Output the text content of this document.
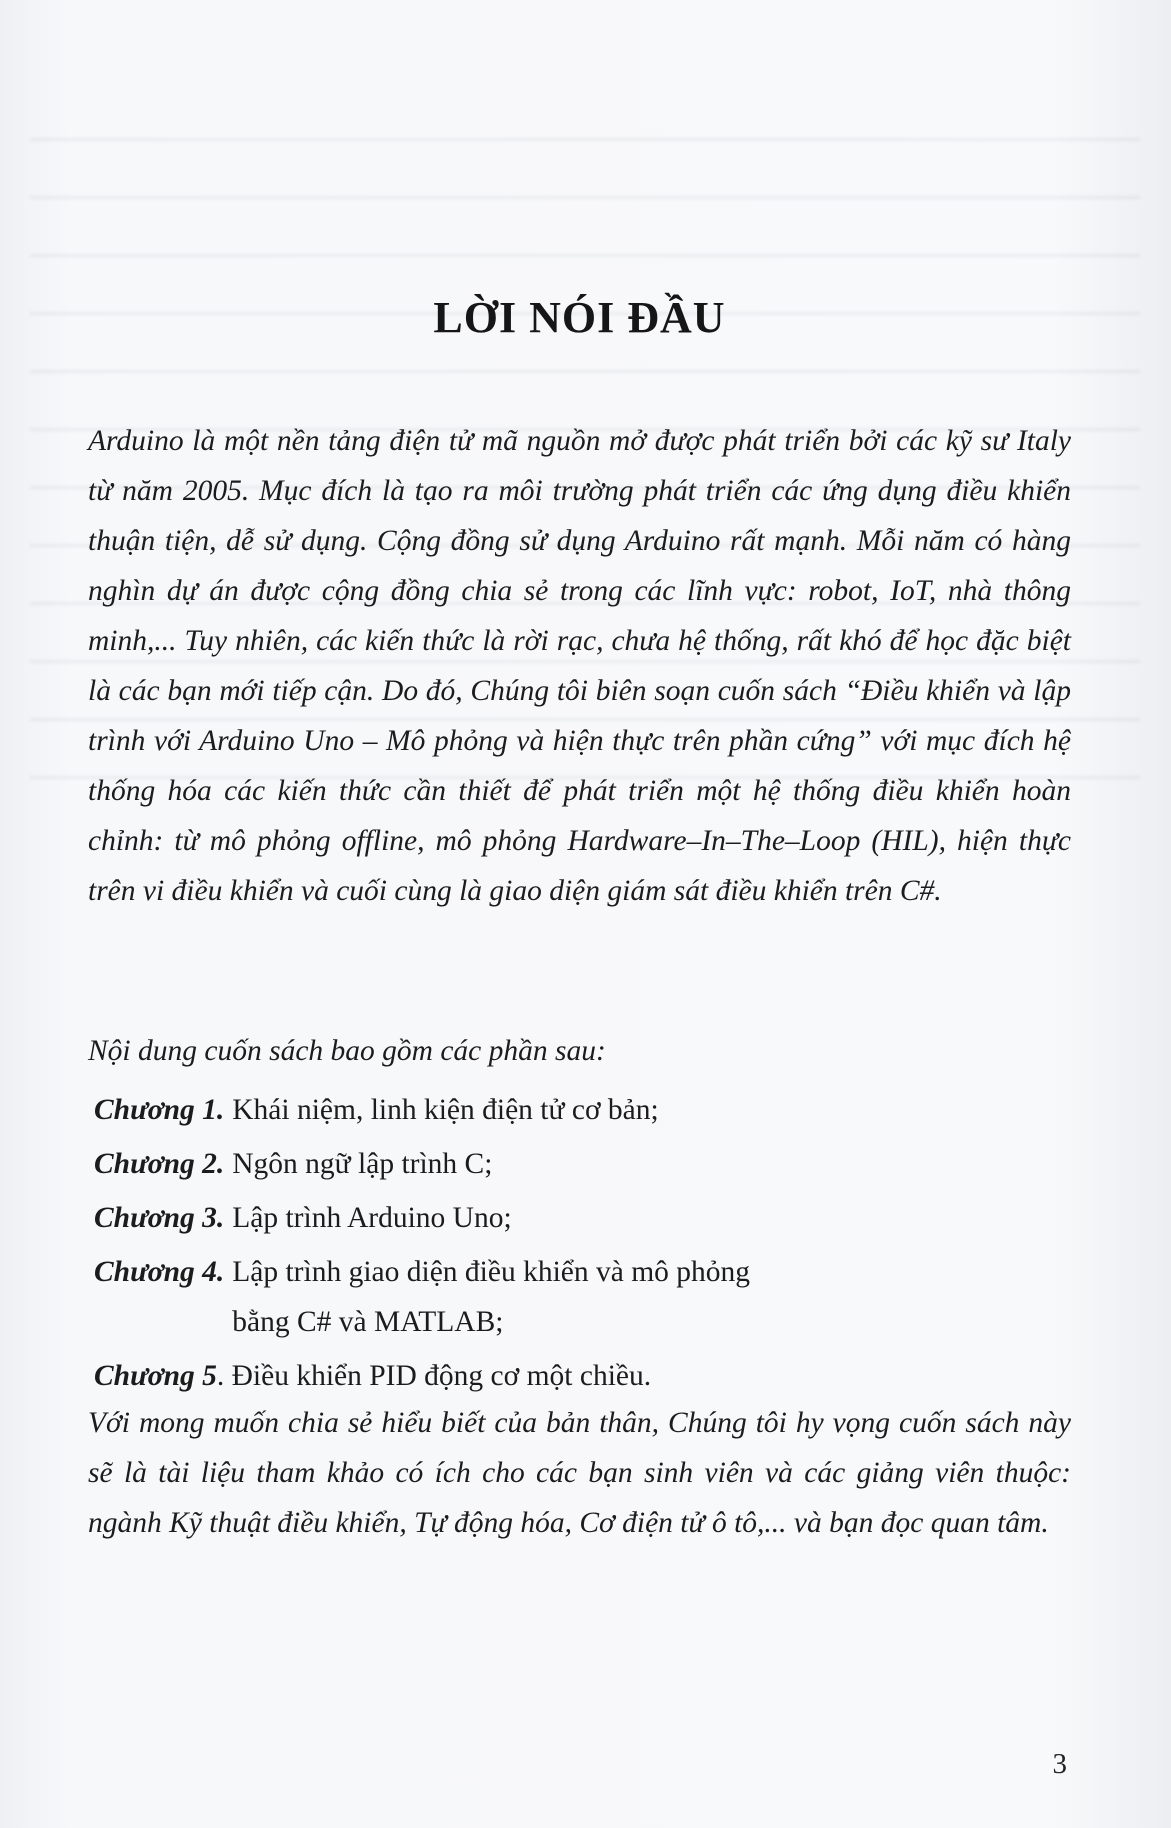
LỜI NÓI ĐẦU

Arduino là một nền tảng điện tử mã nguồn mở được phát triển bởi các kỹ sư Italy từ năm 2005. Mục đích là tạo ra môi trường phát triển các ứng dụng điều khiển thuận tiện, dễ sử dụng. Cộng đồng sử dụng Arduino rất mạnh. Mỗi năm có hàng nghìn dự án được cộng đồng chia sẻ trong các lĩnh vực: robot, IoT, nhà thông minh,... Tuy nhiên, các kiến thức là rời rạc, chưa hệ thống, rất khó để học đặc biệt là các bạn mới tiếp cận. Do đó, Chúng tôi biên soạn cuốn sách “Điều khiển và lập trình với Arduino Uno – Mô phỏng và hiện thực trên phần cứng” với mục đích hệ thống hóa các kiến thức cần thiết để phát triển một hệ thống điều khiển hoàn chỉnh: từ mô phỏng offline, mô phỏng Hardware–In–The–Loop (HIL), hiện thực trên vi điều khiển và cuối cùng là giao diện giám sát điều khiển trên C#.

Nội dung cuốn sách bao gồm các phần sau:

Chương 1. Khái niệm, linh kiện điện tử cơ bản;
Chương 2. Ngôn ngữ lập trình C;
Chương 3. Lập trình Arduino Uno;
Chương 4. Lập trình giao diện điều khiển và mô phỏng
bằng C# và MATLAB;
Chương 5 . Điều khiển PID động cơ một chiều.

Với mong muốn chia sẻ hiểu biết của bản thân, Chúng tôi hy vọng cuốn sách này sẽ là tài liệu tham khảo có ích cho các bạn sinh viên và các giảng viên thuộc: ngành Kỹ thuật điều khiển, Tự động hóa, Cơ điện tử ô tô,... và bạn đọc quan tâm.

3
